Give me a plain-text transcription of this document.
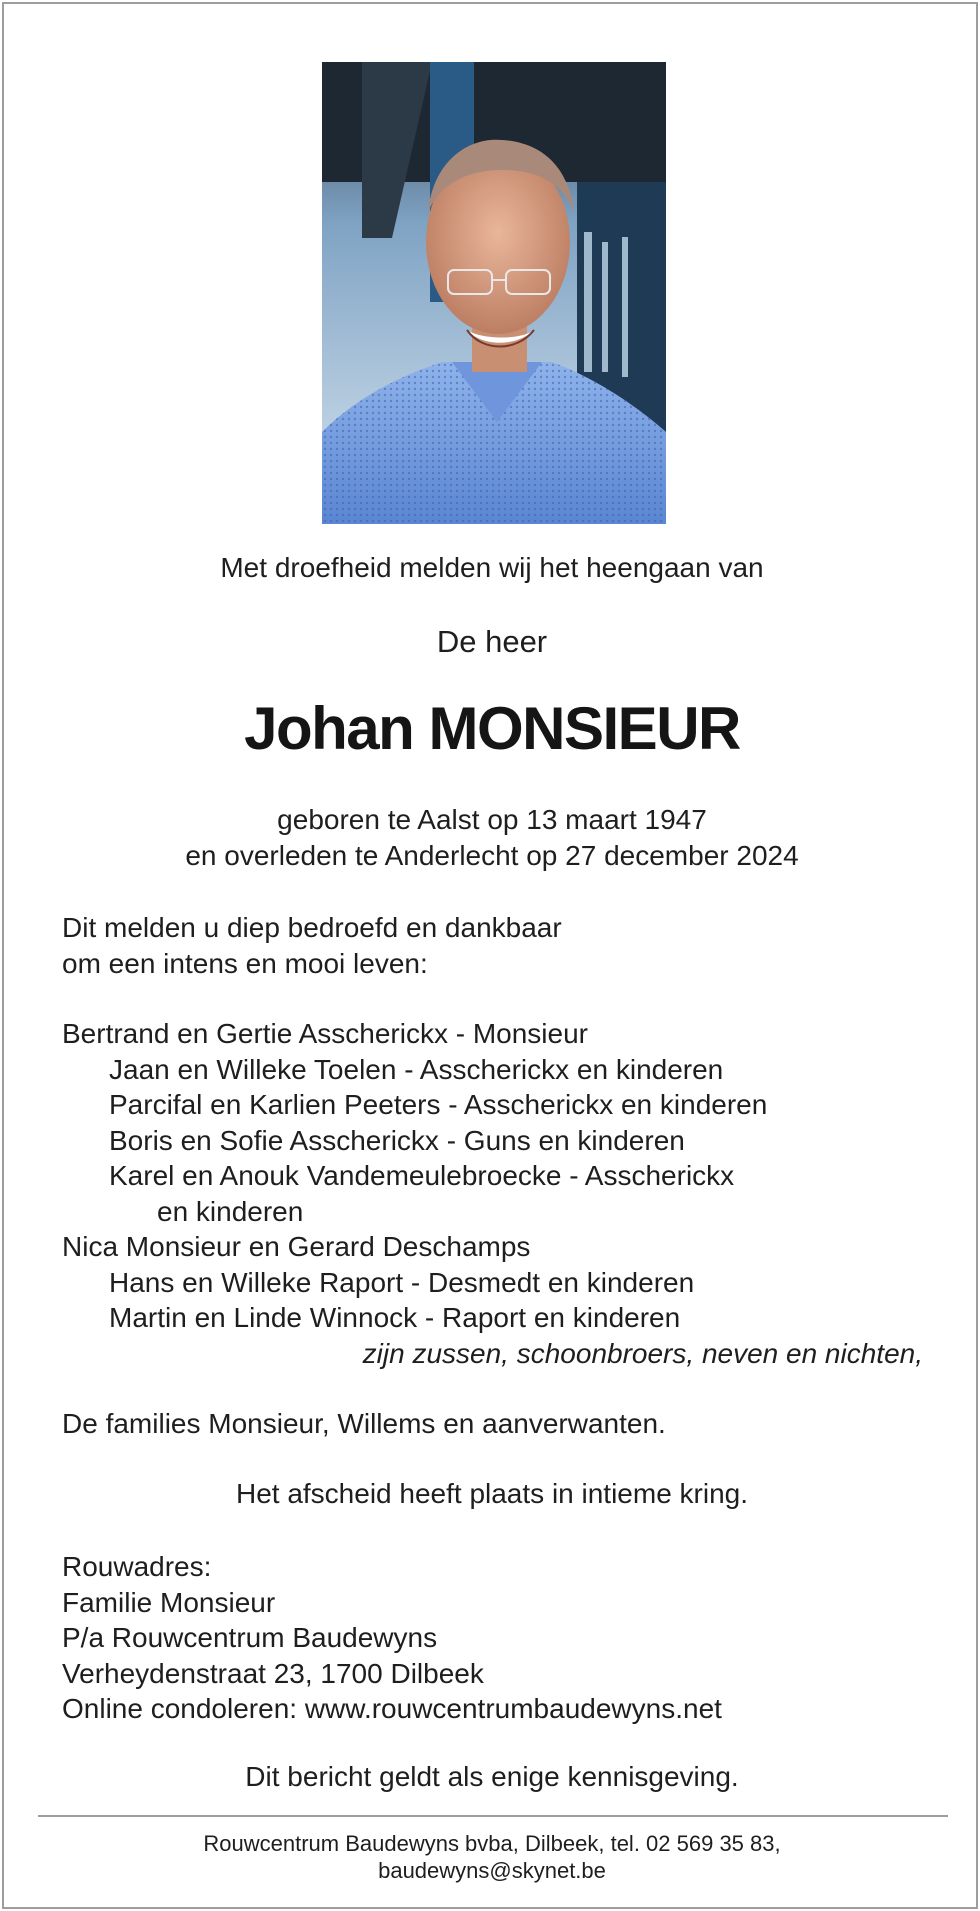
Met droefheid melden wij het heengaan van
De heer
Johan MONSIEUR
geboren te Aalst op 13 maart 1947
en overleden te Anderlecht op 27 december 2024
Dit melden u diep bedroefd en dankbaar
om een intens en mooi leven:
Bertrand en Gertie Asscherickx - Monsieur
Jaan en Willeke Toelen - Asscherickx en kinderen
Parcifal en Karlien Peeters - Asscherickx en kinderen
Boris en Sofie Asscherickx - Guns en kinderen
Karel en Anouk Vandemeulebroecke - Asscherickx
en kinderen
Nica Monsieur en Gerard Deschamps
Hans en Willeke Raport - Desmedt en kinderen
Martin en Linde Winnock - Raport en kinderen
zijn zussen, schoonbroers, neven en nichten,
De families Monsieur, Willems en aanverwanten.
Het afscheid heeft plaats in intieme kring.
Rouwadres:
Familie Monsieur
P/a Rouwcentrum Baudewyns
Verheydenstraat 23, 1700 Dilbeek
Online condoleren: www.rouwcentrumbaudewyns.net
Dit bericht geldt als enige kennisgeving.
Rouwcentrum Baudewyns bvba, Dilbeek, tel. 02 569 35 83,
baudewyns@skynet.be
